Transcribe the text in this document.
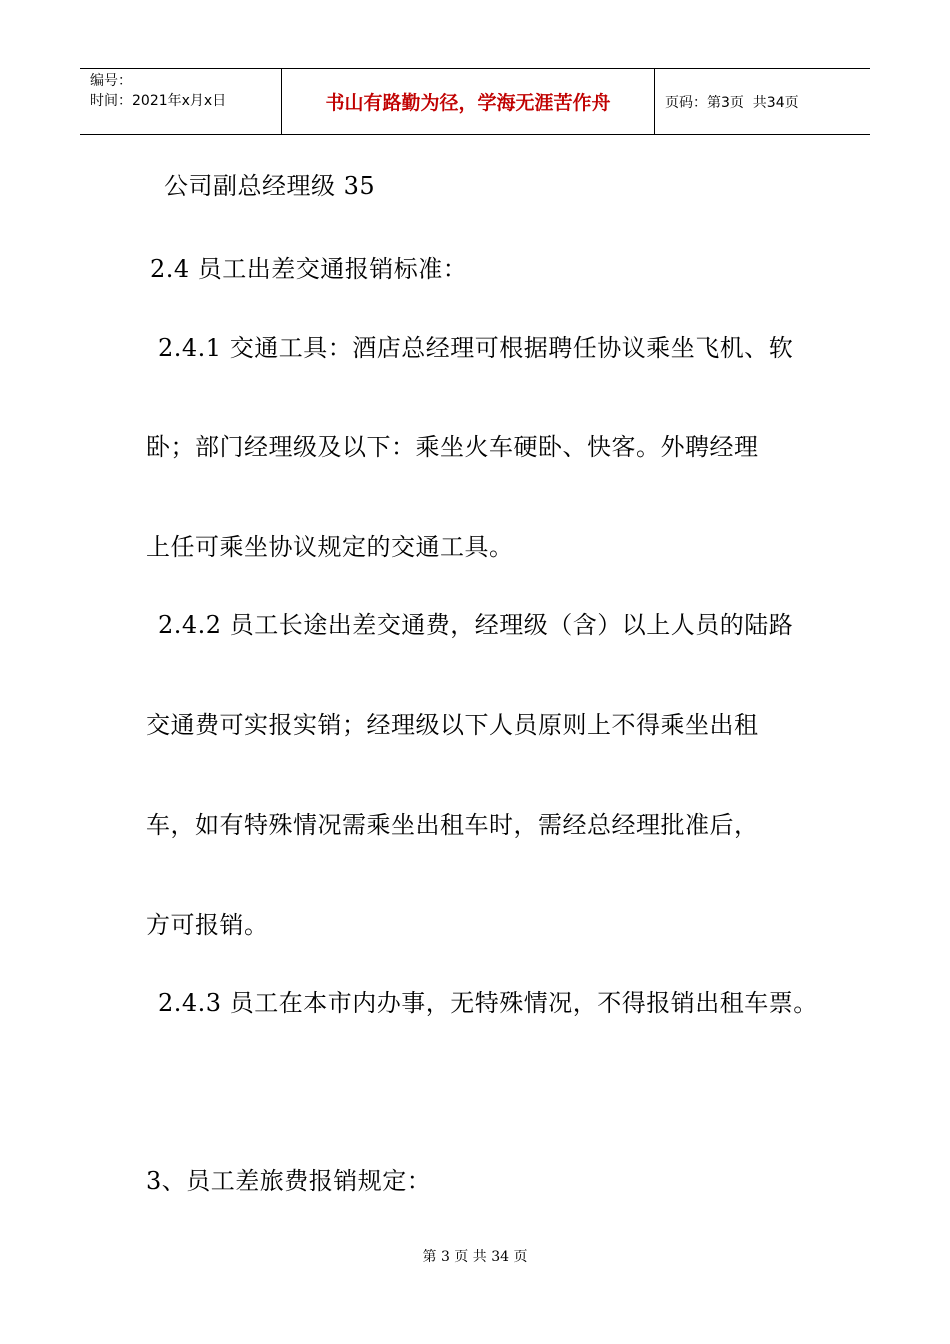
编号：
时间：2021年x月x日	书山有路勤为径，学海无涯苦作舟	页码：第3页  共34页
公司副总经理级 35
2.4 员工出差交通报销标准：
2.4.1 交通工具：酒店总经理可根据聘任协议乘坐飞机、软
卧；部门经理级及以下：乘坐火车硬卧、快客。外聘经理
上任可乘坐协议规定的交通工具。
2.4.2 员工长途出差交通费，经理级（含）以上人员的陆路
交通费可实报实销；经理级以下人员原则上不得乘坐出租
车，如有特殊情况需乘坐出租车时，需经总经理批准后，
方可报销。
2.4.3 员工在本市内办事，无特殊情况，不得报销出租车票。
3、员工差旅费报销规定：
第 3 页 共 34 页
